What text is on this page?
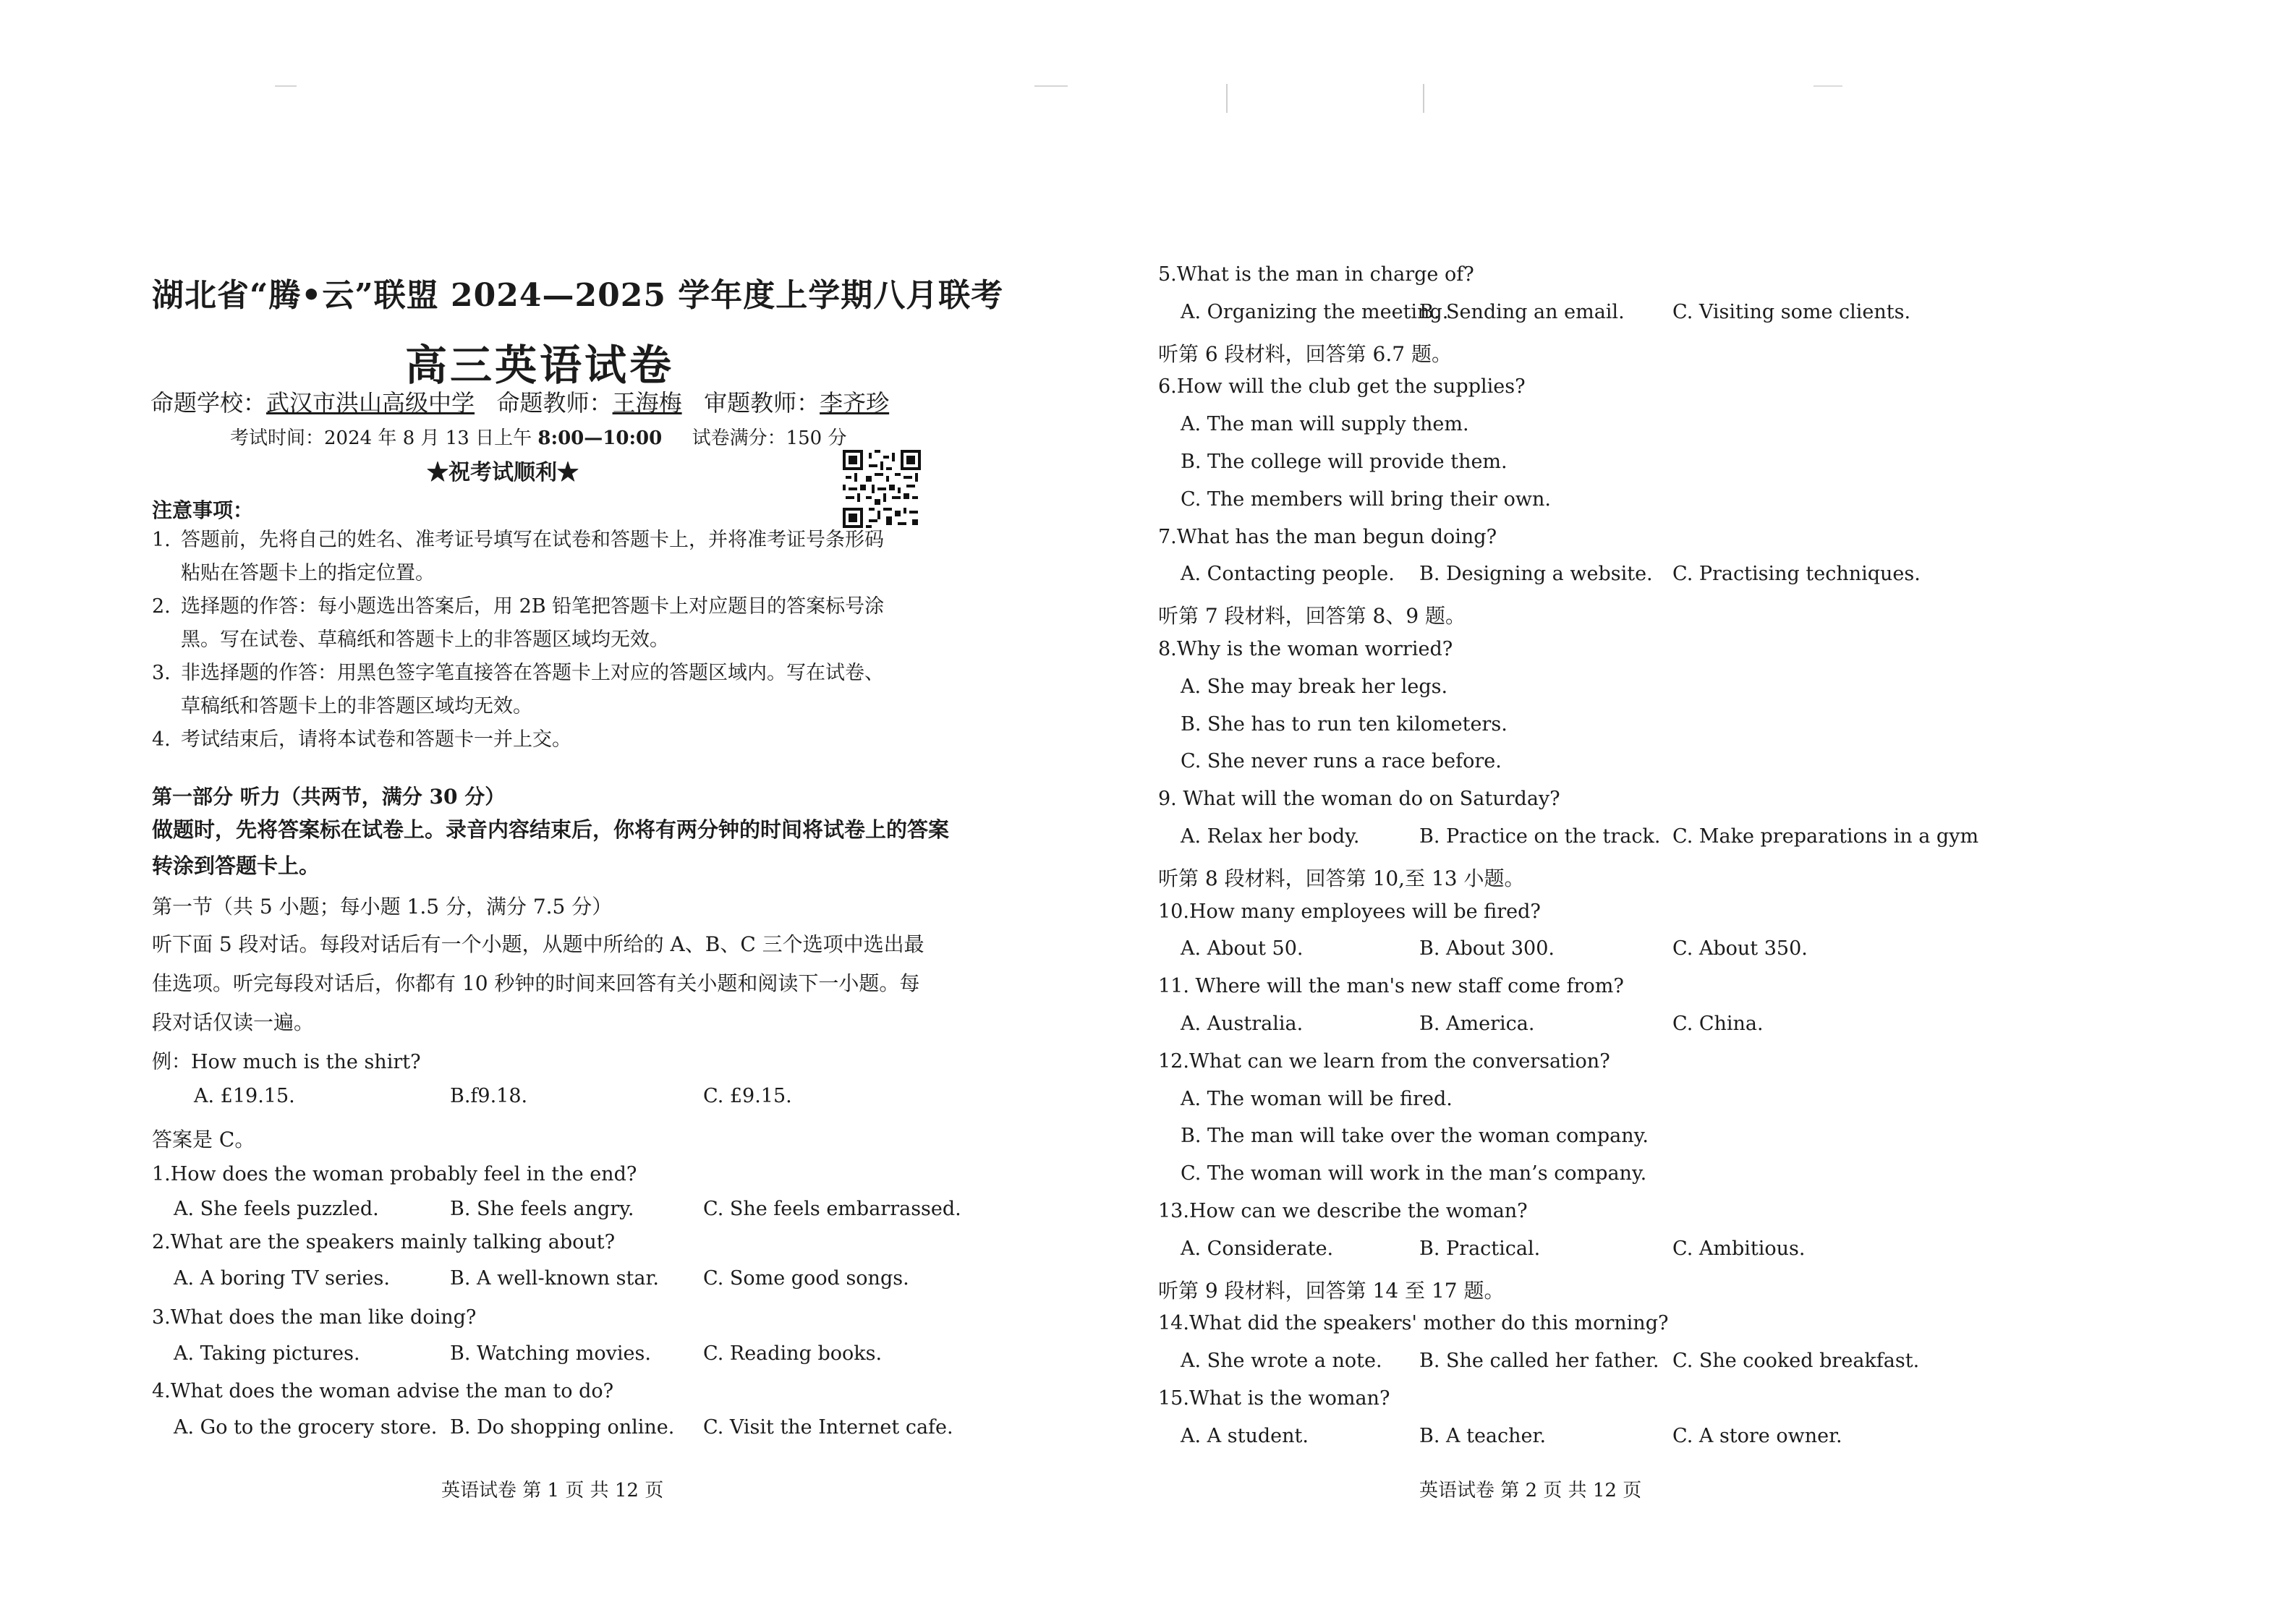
湖北省“腾•云”联盟 2024—2025 学年度上学期八月联考
高三英语试卷
命题学校：武汉市洪山高级中学 命题教师：王海梅 审题教师：李齐珍
考试时间：2024 年 8 月 13 日上午 8:00—10:00 试卷满分：150 分
★祝考试顺利★
注意事项：
1. 答题前，先将自己的姓名、准考证号填写在试卷和答题卡上，并将准考证号条形码
粘贴在答题卡上的指定位置。
2. 选择题的作答：每小题选出答案后，用 2B 铅笔把答题卡上对应题目的答案标号涂
黑。写在试卷、草稿纸和答题卡上的非答题区域均无效。
3. 非选择题的作答：用黑色签字笔直接答在答题卡上对应的答题区域内。写在试卷、
草稿纸和答题卡上的非答题区域均无效。
4. 考试结束后，请将本试卷和答题卡一并上交。
第一部分 听力（共两节，满分 30 分）
做题时，先将答案标在试卷上。录音内容结束后，你将有两分钟的时间将试卷上的答案
转涂到答题卡上。
第一节（共 5 小题；每小题 1.5 分，满分 7.5 分）
听下面 5 段对话。每段对话后有一个小题，从题中所给的 A、B、C 三个选项中选出最
佳选项。听完每段对话后，你都有 10 秒钟的时间来回答有关小题和阅读下一小题。每
段对话仅读一遍。
例：How much is the shirt?
A. £19.15.	B.f9.18.	C. £9.15.
答案是 C。
1.How does the woman probably feel in the end?
A. She feels puzzled.	B. She feels angry.	C. She feels embarrassed.
2.What are the speakers mainly talking about?
A. A boring TV series.	B. A well-known star. C. Some good songs.
3.What does the man like doing?
A. Taking pictures.	B. Watching movies.	C. Reading books.
4.What does the woman advise the man to do?
A. Go to the grocery store. B. Do shopping online. C. Visit the Internet cafe.
英语试卷 第 1 页 共 12 页
5.What is the man in charge of?
A. Organizing the meeting.
B. Sending an email. C. Visiting some clients.
听第 6 段材料，回答第 6.7 题。
6.How will the club get the supplies?
A. The man will supply them.
B. The college will provide them.
C. The members will bring their own.
7.What has the man begun doing?
A. Contacting people. B. Designing a website. C. Practising techniques.
听第 7 段材料，回答第 8、9 题。
8.Why is the woman worried?
A. She may break her legs.
B. She has to run ten kilometers.
C. She never runs a race before.
9. What will the woman do on Saturday?
A. Relax her body.	B. Practice on the track. C. Make preparations in a gym
听第 8 段材料，回答第 10,至 13 小题。
10.How many employees will be fired?
A. About 50.	B. About 300.	C. About 350.
11. Where will the man's new staff come from?
A. Australia.	B. America.	C. China.
12.What can we learn from the conversation?
A. The woman will be fired.
B. The man will take over the woman company.
C. The woman will work in the man’s company.
13.How can we describe the woman?
A. Considerate.	B. Practical.	C. Ambitious.
听第 9 段材料，回答第 14 至 17 题。
14.What did the speakers' mother do this morning?
A. She wrote a note. B. She called her father. C. She cooked breakfast.
15.What is the woman?
A. A student.	B. A teacher.	C. A store owner.
英语试卷 第 2 页 共 12 页
